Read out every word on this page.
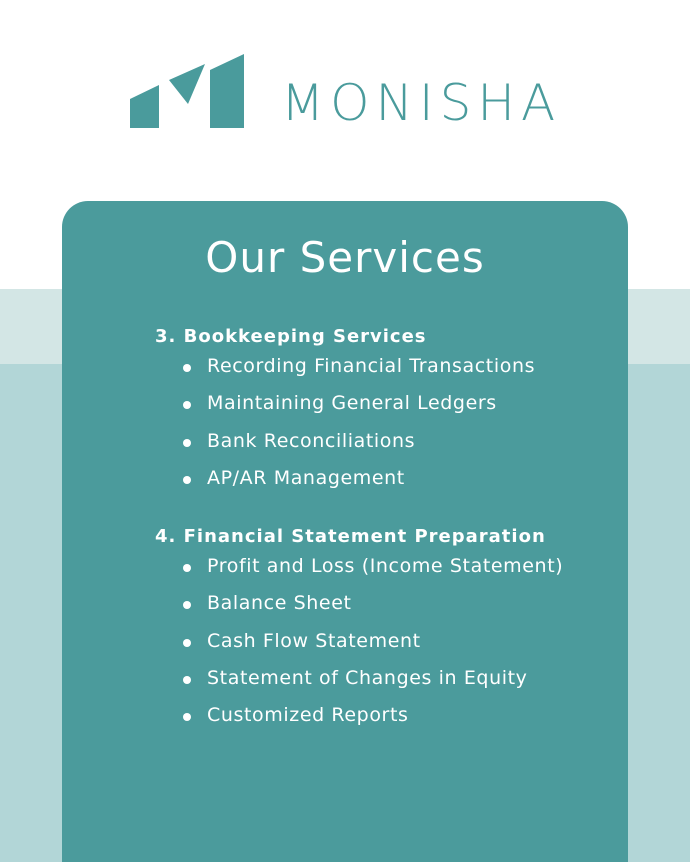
MONISHA
Our Services
3. Bookkeeping Services
Recording Financial Transactions
Maintaining General Ledgers
Bank Reconciliations
AP/AR Management
4. Financial Statement Preparation
Profit and Loss (Income Statement)
Balance Sheet
Cash Flow Statement
Statement of Changes in Equity
Customized Reports
